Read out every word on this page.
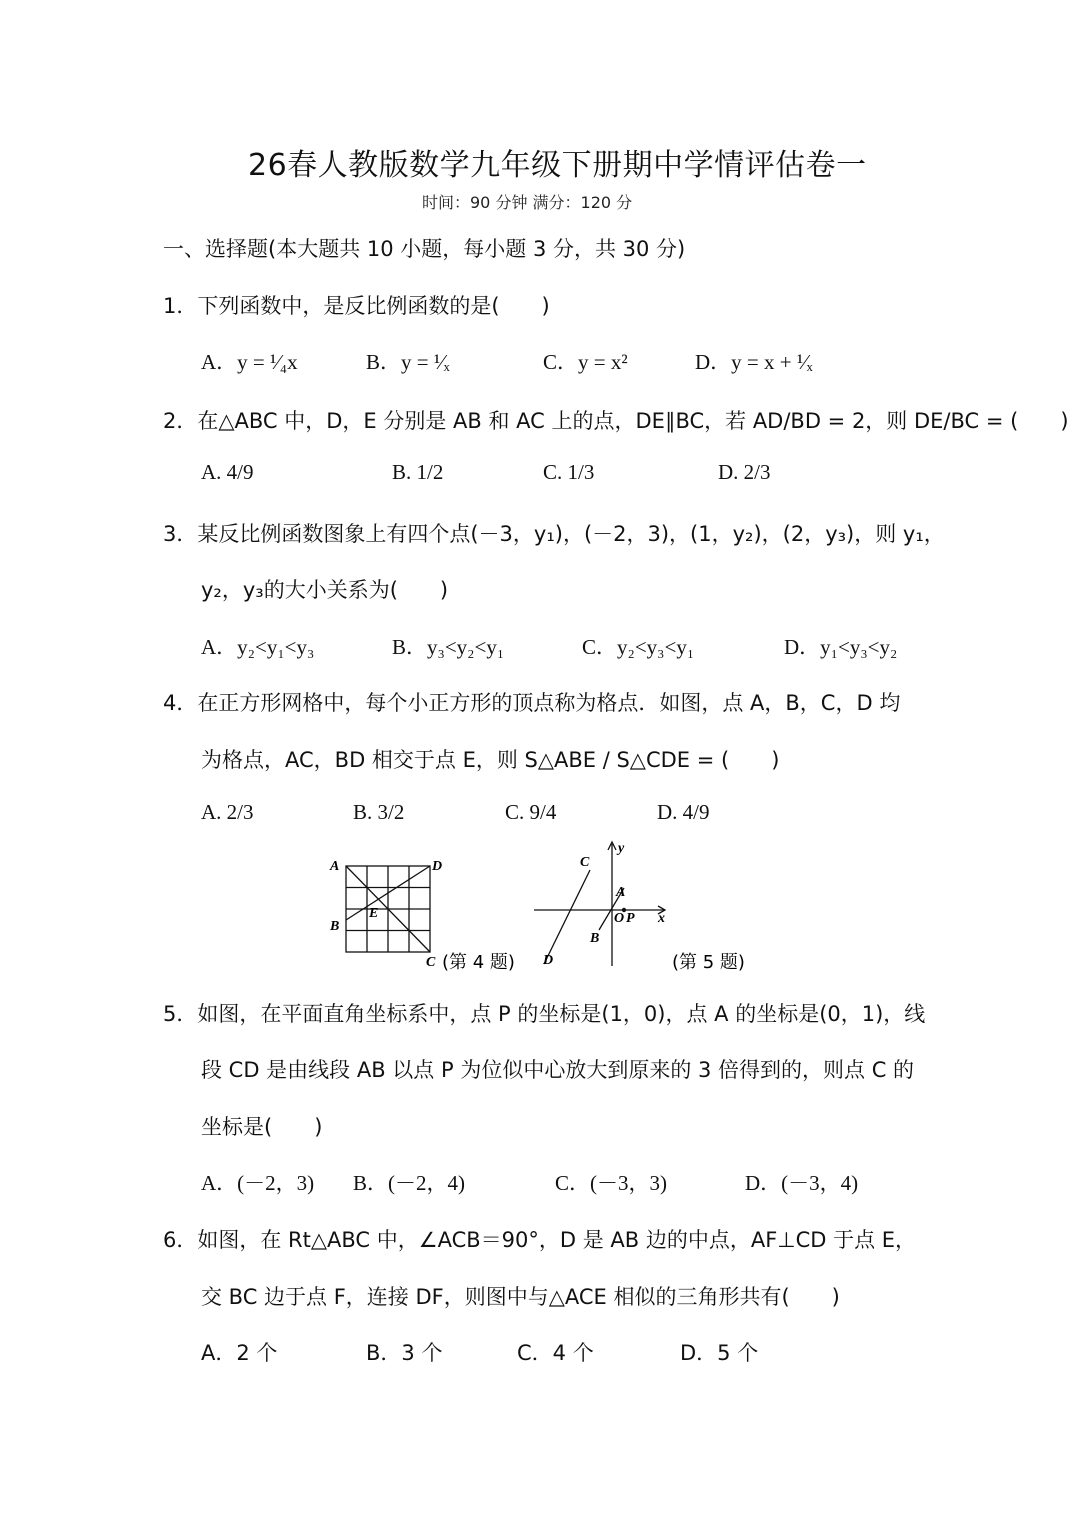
26春人教版数学九年级下册期中学情评估卷一
时间：90 分钟 满分：120 分
一、选择题(本大题共 10 小题，每小题 3 分，共 30 分)
1．下列函数中，是反比例函数的是(　　)
A．y = ¹⁄₄x	B．y = ¹⁄ₓ	C．y = x²	D．y = x + ¹⁄ₓ
2．在△ABC 中，D，E 分别是 AB 和 AC 上的点，DE∥BC，若 AD/BD = 2，则 DE/BC = (　　)
A. 4/9	B. 1/2	C. 1/3	D. 2/3
3．某反比例函数图象上有四个点(－3，y₁)，(－2，3)，(1，y₂)，(2，y₃)，则 y₁，
y₂，y₃的大小关系为(　　)
A．y₂<y₁<y₃	B．y₃<y₂<y₁	C．y₂<y₃<y₁	D．y₁<y₃<y₂
4．在正方形网格中，每个小正方形的顶点称为格点．如图，点 A，B，C，D 均
为格点，AC，BD 相交于点 E，则 S△ABE / S△CDE = (　　)
A. 2/3	B. 3/2	C. 9/4	D. 4/9
A	D
B
E
C (第 4 题)
y
x
C
A
O P
B
D	(第 5 题)
5．如图，在平面直角坐标系中，点 P 的坐标是(1，0)，点 A 的坐标是(0，1)，线
段 CD 是由线段 AB 以点 P 为位似中心放大到原来的 3 倍得到的，则点 C 的
坐标是(　　)
A．(－2，3) B．(－2，4)	C．(－3，3)	D．(－3，4)
6．如图，在 Rt△ABC 中，∠ACB＝90°，D 是 AB 边的中点，AF⊥CD 于点 E，
交 BC 边于点 F，连接 DF，则图中与△ACE 相似的三角形共有(　　)
A．2 个	B．3 个	C．4 个	D．5 个
